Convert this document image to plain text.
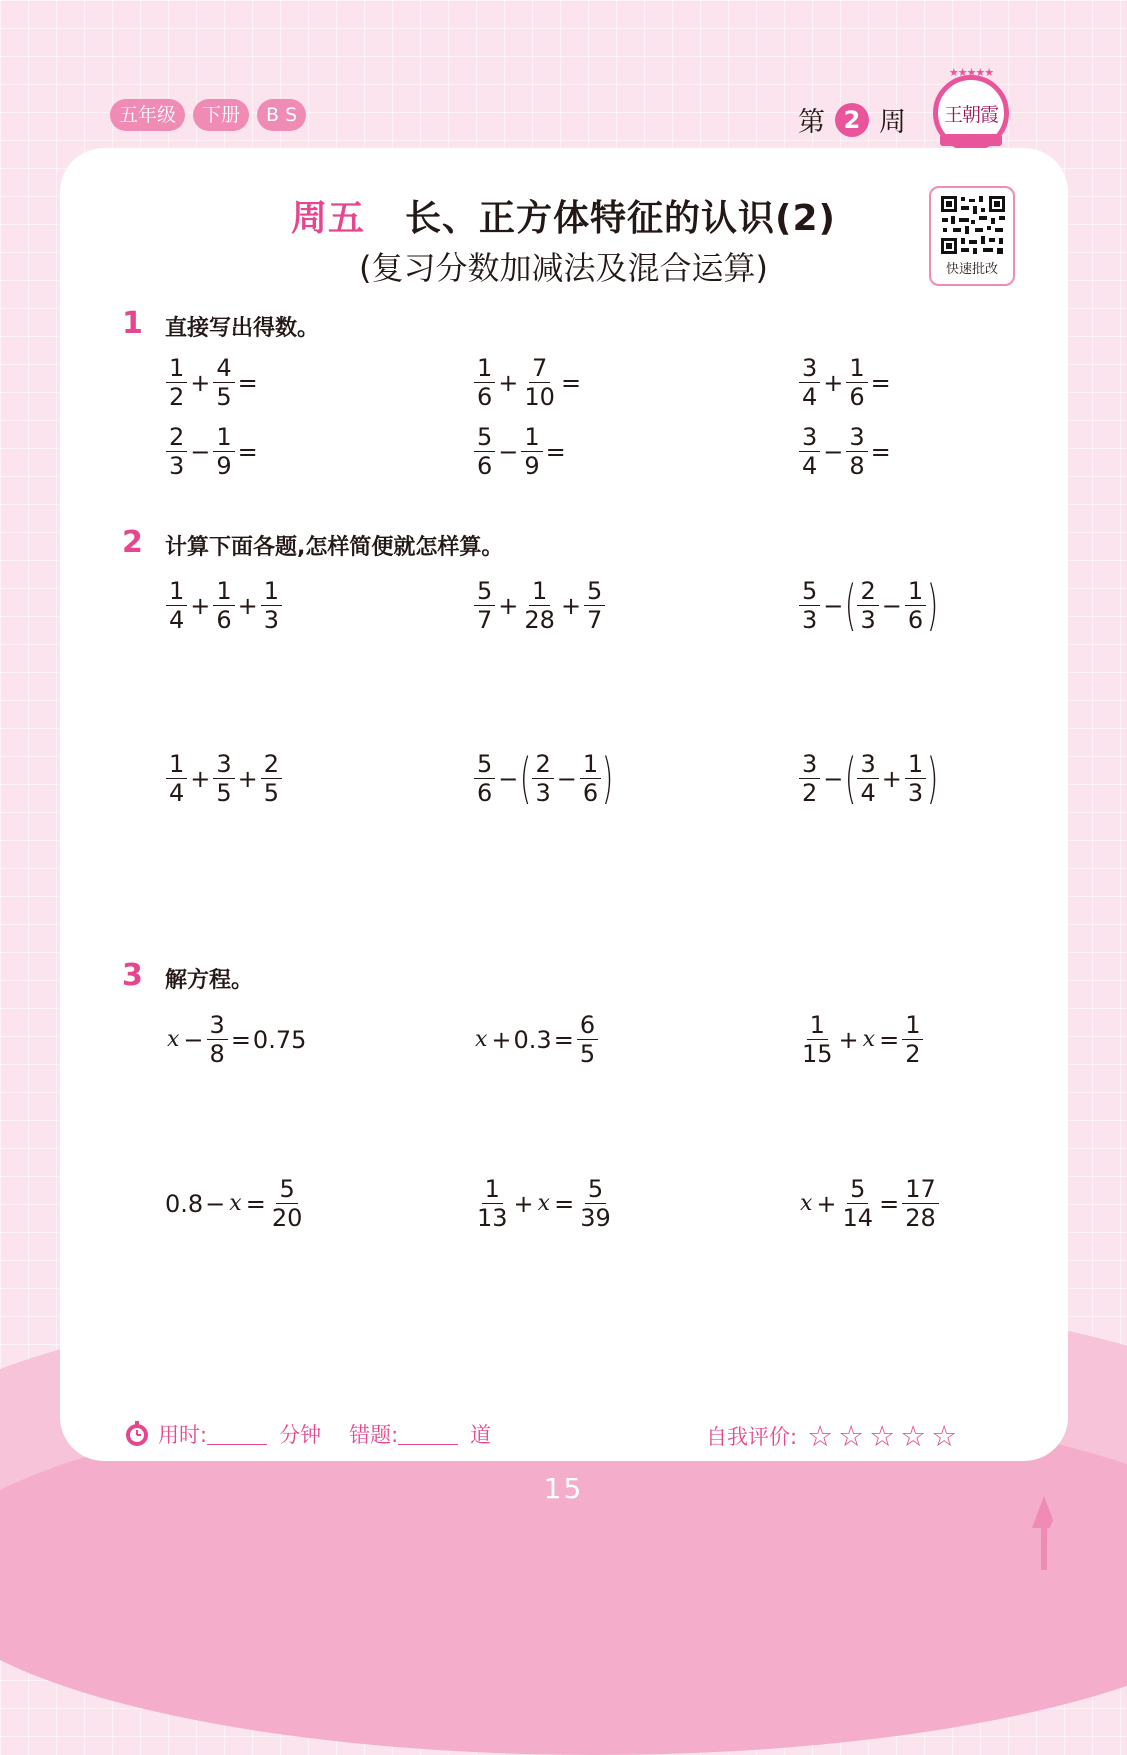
五年级	下册	B S	第 2 周
★★★★★
王朝霞
快速批改
周五 长、正方体特征的认识(2)
(复习分数加减法及混合运算)
1 直接写出得数。
2 计算下面各题,怎样简便就怎样算。
3 解方程。
$\frac{1}{2} + \frac{4}{5}$ =	$\frac{1}{6} + \frac{7}{10}$ =	$\frac{3}{4} + \frac{1}{6}$ =
$\frac{2}{3} - \frac{1}{9}$ =	$\frac{5}{6} - \frac{1}{9}$ =	$\frac{3}{4} - \frac{3}{8}$ =
$\frac{1}{4} + \frac{1}{6} + \frac{1}{3}$	$\frac{5}{7} + \frac{1}{28} + \frac{5}{7}$	$\frac{5}{3}$ − ( $\frac{2}{3} - \frac{1}{6}$ )
$\frac{1}{4} + \frac{3}{5} + \frac{2}{5}$	$\frac{5}{6}$ − ( $\frac{2}{3} - \frac{1}{6}$ )	$\frac{3}{2}$ − ( $\frac{3}{4} + \frac{1}{3}$ )
$x - \frac{3}{8} = 0.75$	$x + 0.3 = \frac{6}{5}$	$\frac{1}{15} + x = \frac{1}{2}$
$0.8 - x = \frac{5}{20}$	$\frac{1}{13} + x = \frac{5}{39}$	$x + \frac{5}{14} = \frac{17}{28}$
用时:	分钟 错题:	道	自我评价: ☆☆☆☆☆
15
